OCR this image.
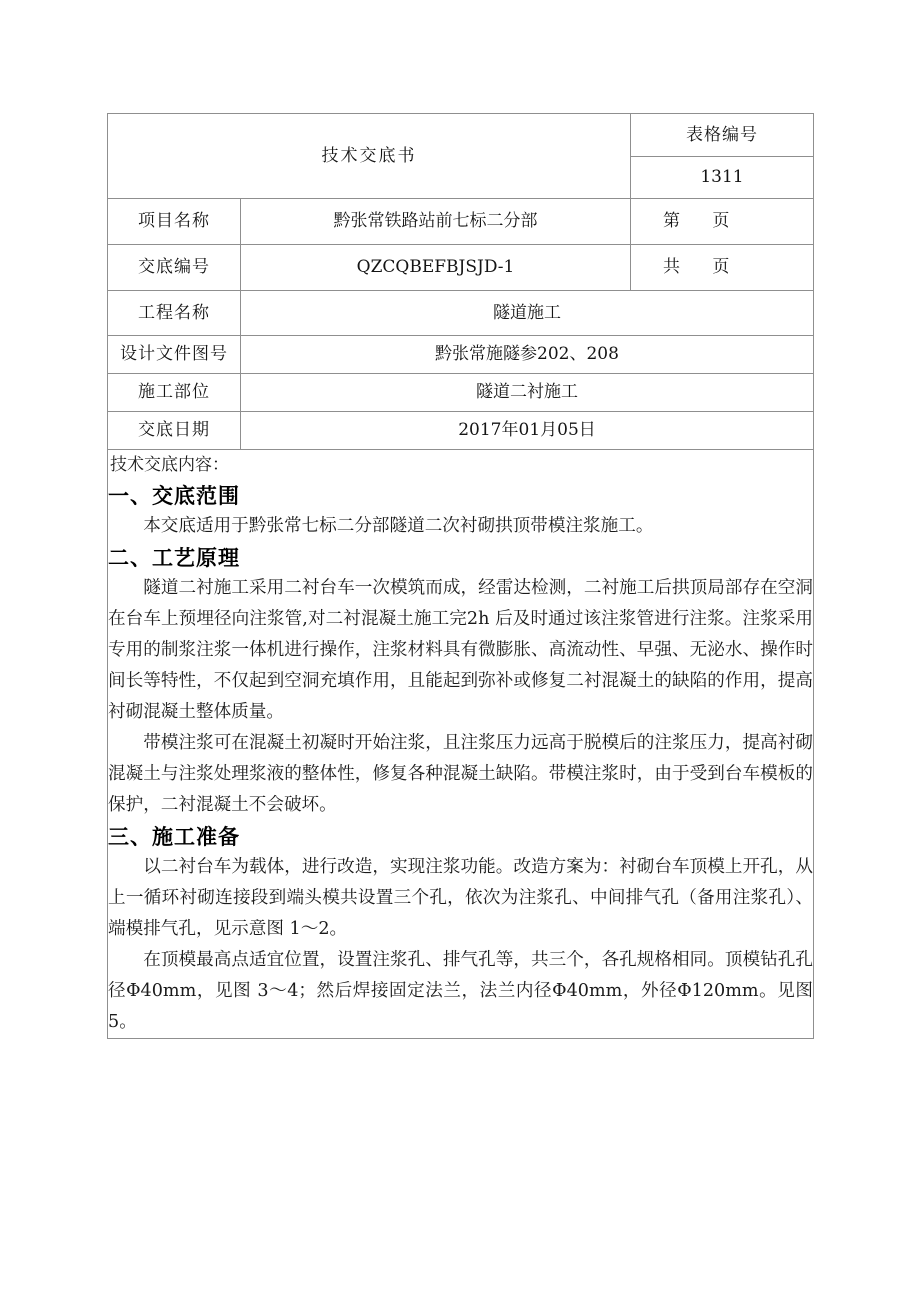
技术交底书		表格编号
		1311
项目名称	黔张常铁路站前七标二分部	第      页
交底编号	QZCQBEFBJSJD-1	共      页
工程名称	隧道施工	
设计文件图号	黔张常施隧参202、208	
施工部位	隧道二衬施工	
交底日期	2017年01月05日	

技术交底内容：
一、交底范围

本交底适用于黔张常七标二分部隧道二次衬砌拱顶带模注浆施工。

二、工艺原理

隧道二衬施工采用二衬台车一次模筑而成，经雷达检测，二衬施工后拱顶局部存在空洞在台车上预埋径向注浆管,对二衬混凝土施工完2h 后及时通过该注浆管进行注浆。注浆采用专用的制浆注浆一体机进行操作，注浆材料具有微膨胀、高流动性、早强、无泌水、操作时间长等特性，不仅起到空洞充填作用，且能起到弥补或修复二衬混凝土的缺陷的作用，提高衬砌混凝土整体质量。

带模注浆可在混凝土初凝时开始注浆，且注浆压力远高于脱模后的注浆压力，提高衬砌混凝土与注浆处理浆液的整体性，修复各种混凝土缺陷。带模注浆时，由于受到台车模板的保护，二衬混凝土不会破坏。

三、施工准备

以二衬台车为载体，进行改造，实现注浆功能。改造方案为：衬砌台车顶模上开孔，从上一循环衬砌连接段到端头模共设置三个孔，依次为注浆孔、中间排气孔（备用注浆孔）、端模排气孔，见示意图 1～2。

在顶模最高点适宜位置，设置注浆孔、排气孔等，共三个，各孔规格相同。顶模钻孔孔径Φ40mm，见图 3～4；然后焊接固定法兰，法兰内径Φ40mm，外径Φ120mm。见图 5。
